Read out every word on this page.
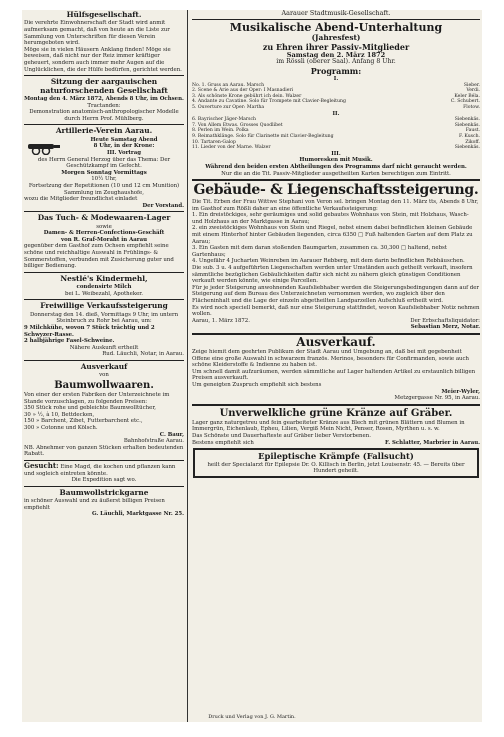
Hülfsgesellschaft.

Die verehrte Einwohnerschaft der Stadt wird anmit aufmerksam gemacht, daß von heute an die Liste zur Sammlung von Unterschriften für diesen Verein herumgeboten wird.

Möge sie in vielen Häusern Anklang finden! Möge sie beweisen, daß nicht nur der Reiz immer kräftiger geheuert, sondern auch immer mehr Augen auf die Unglücklichen, die der Hülfe bedürfen, gerichtet werden.

Sitzung der aargauischen naturforschenden Gesellschaft

Montag den 4. März 1872, Abends 8 Uhr, im Ochsen.

Tractanden:

Demonstration anatomisch-anthropologischer Modelle durch Herrn Prof. Mühlberg.

Artillerie-Verein Aarau.

Heute Samstag Abend

8 Uhr, in der Krone:

III. Vortrag

des Herrn General Herzog über das Thema: Der Geschützkampf im Gefecht.

Morgen Sonntag Vormittags

10½ Uhr,

Fortsetzung der Repetitionen (10 und 12 cm Munition)

Sammlung im Zeughaushofe,

wozu die Mitglieder freundlichst einladet

Der Vorstand.

Das Tuch- & Modewaaren-Lager

sowie

Damen- & Herren-Confections-Geschäft

von R. Graf-Moraht in Aarau

gegenüber dem Gasthof zum Ochsen empfiehlt seine schöne und reichhaltige Auswahl in Frühlings- & Sommerstoffen, verbunden mit Zusicherung guter und billiger Bedienung.

Nestlé's Kindermehl,

condensirte Milch

bei L. Weibezahl, Apotheker.

Freiwillige Verkaufssteigerung

Donnerstag den 14. dieß, Vormittags 9 Uhr, im untern Steinbruch zu Rohr bei Aarau, um:

9 Milchkühe, wovon 7 Stück trächtig und 2 Schwyzer-Rasse.

2 halbjährige Fasel-Schweine.

Nähere Auskunft ertheilt

Rud. Läuchli, Notar, in Aarau.

Ausverkauf

von

Baumwollwaaren.

Von einer der ersten Fabriken der Unterzeichnete im Stande vorzuschlagen, zu folgenden Preisen:

350 Stück rohe und gebleichte Baumwolltücher,

30 » ½, à 10, Bettdecken,

150 » Barchent, Zibet, Futterbarchent etc.,

300 » Cotonne und Kölsch.

C. Baur,

Bahnhofstraße Aarau.

NB. Abnehmer von ganzen Stücken erhalten bedeutenden Rabatt.

Gesucht: Eine Magd, die kochen und pflanzen kann und sogleich eintreten könnte.

Die Expedition sagt wo.

Baumwollstrickgarne

in schöner Auswahl und zu äußerst billigen Preisen empfiehlt

G. Läuchli, Marktgasse Nr. 25.

Aarauer Stadtmusik-Gesellschaft.

Musikalische Abend-Unterhaltung
(Jahresfest)
zu Ehren ihrer Passiv-Mitglieder

Samstag den 2. März 1872

im Rössli (oberer Saal). Anfang 8 Uhr.

Programm:

I.

No. 1. Gruss an Aarau. Marsch	Sieber.
2. Scene & Arie aus der Oper: I Masnadieri	Verdi.
3. Als schönste Krone gebührt ich dein. Walzer	Keler Béla.
4. Andante zu Cavatine. Solo für Trompete mit Clavier-Begleitung	C. Schubert.
5. Ouverture zur Oper: Martha	Flotow.

II.

6. Bayrischer Jäger-Marsch	Siebenkäs.
7. Von Allem Etwas. Grosses Quodlibet	Siebenkäs.
8. Perlen im Wein. Polka	Faust.
9. Reimathklänge. Solo für Clarinette mit Clavier-Begleitung	F. Kusch.
10. Tartaren-Galop	Zikoff.
11. Lieder von der Marne. Walzer	Siebenkäs.

III.

Humoresken mit Musik.

Während den beiden ersten Abtheilungen des Programms darf nicht geraucht werden.

Nur die an die Tit. Passiv-Mitglieder ausgetheilten Karten berechtigen zum Eintritt.

Gebäude- & Liegenschaftssteigerung.

Die Tit. Erben der Frau Wittwe Stephani von Veron sel. bringen Montag den 11. März tts, Abends 8 Uhr, im Gasthof zum Rößli daher an eine öffentliche Verkaufssteigerung:

1. Ein dreistöckiges, sehr geräumiges und solid gebautes Wohnhaus von Stein, mit Holzhaus, Wasch- und Holzhaus an der Marktgasse in Aarau;

2. ein zweistöckiges Wohnhaus von Stein und Riegel, nebst einem dabei befindlichen kleinen Gebäude mit einem Hinterhof hinter Gebäuden liegenden, circa 6350 □ Fuß haltenden Garten auf dem Platz zu Aarau;

3. Ein Gasten mit dem daran stoßenden Baumgarten, zusammen ca. 30,300 □ haltend, nebst Gartenhaus;

4. Ungefähr 4 Jucharten Weinreben im Aarauer Rebberg, mit dem darin befindlichen Rebhäuschen.

Die sub. 3 u. 4 aufgeführten Liegenschaften werden unter Umständen auch getheilt verkauft, insofern sämmtliche bezüglichen Gebäulichkeiten dafür sich nicht zu nähern gleich günstigen Conditionen verkauft werden könnte, wie einige Parcellen.

Für je jeder Steigerung anwohnenden Kaufsliebhaber werden die Steigerungsbedingungen dann auf der Steigerung auf dem Bureau des Unterzeichneten vernommen werden, wo zugleich über den Flächeninhalt und die Lage der einzeln abgetheilten Landparzellen Aufschluß ertheilt wird.

Es wird noch speciell bemerkt, daß nur eine Steigerung stattfindet, wovon Kaufsliebhaber Notiz nehmen wollen.

Aarau, 1. März 1872.	Der Erbschaftsliquidator:

Sebastian Merz, Notar.

Ausverkauf.

Zeige hiemit dem geehrten Publikum der Stadt Aarau und Umgebung an, daß bei mit gegebenheit Offene eine große Auswahl in schwarzem französ. Merinos, besonders für Confirmanden, sowie auch schöne Kleiderstoffe & Indienne zu haben ist.

Um schnell damit aufzuräumen, werden sämmtliche auf Lager haltenden Artikel zu erstaunlich billigen Preisen ausverkauft.

Um geneigten Zuspruch empfiehlt sich bestens

Meier-Wyler,

Metzgergasse Nr. 95, in Aarau.

Unverwelkliche grüne Kränze auf Gräber.

Lager ganz naturgetreu und fein gearbeiteter Kränze aus Blech mit grünen Blättern und Blumen in Immergrün, Eichenlaub, Epheu, Lilien, Vergiß Mein Nicht, Penser, Rosen, Myrthen u. s. w.

Das Schönste und Dauerhafteste auf Gräber lieber Verstorbenen.

Bestens empfiehlt sich	F. Schlatter, Marbrier in Aarau.

Epileptische Krämpfe (Fallsucht)

heilt der Specialarzt für Epilepsie Dr. O. Killisch in Berlin, jetzt Louisenstr. 45. — Bereits über Hundert geheilt.

Druck und Verlag von J. G. Martin.
